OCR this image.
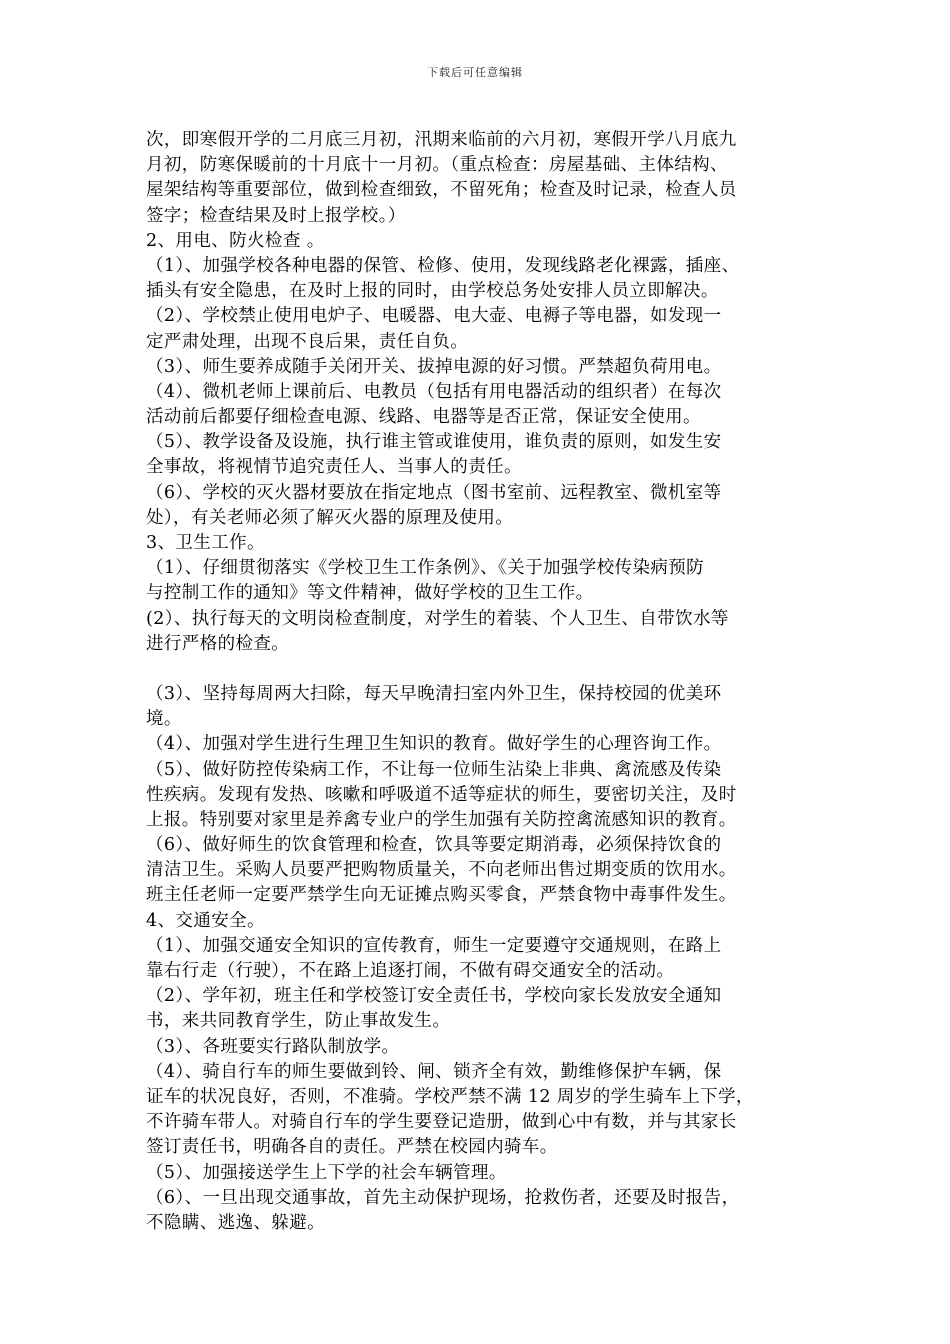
下载后可任意编辑
次，即寒假开学的二月底三月初，汛期来临前的六月初，寒假开学八月底九
月初，防寒保暖前的十月底十一月初。（重点检查：房屋基础、主体结构、
屋架结构等重要部位，做到检查细致，不留死角；检查及时记录，检查人员
签字；检查结果及时上报学校。）
2、用电、防火检查 。
（1）、加强学校各种电器的保管、检修、使用，发现线路老化裸露，插座、
插头有安全隐患，在及时上报的同时，由学校总务处安排人员立即解决。
（2）、学校禁止使用电炉子、电暖器、电大壶、电褥子等电器，如发现一
定严肃处理，出现不良后果，责任自负。
（3）、师生要养成随手关闭开关、拔掉电源的好习惯。严禁超负荷用电。
（4）、微机老师上课前后、电教员（包括有用电器活动的组织者）在每次
活动前后都要仔细检查电源、线路、电器等是否正常，保证安全使用。
（5）、教学设备及设施，执行谁主管或谁使用，谁负责的原则，如发生安
全事故，将视情节追究责任人、当事人的责任。
（6）、学校的灭火器材要放在指定地点（图书室前、远程教室、微机室等
处），有关老师必须了解灭火器的原理及使用。
3、卫生工作。
（1）、仔细贯彻落实《学校卫生工作条例》、《关于加强学校传染病预防
与控制工作的通知》等文件精神，做好学校的卫生工作。
(2）、执行每天的文明岗检查制度，对学生的着装、个人卫生、自带饮水等
进行严格的检查。
（3）、坚持每周两大扫除，每天早晚清扫室内外卫生，保持校园的优美环
境。
（4）、加强对学生进行生理卫生知识的教育。做好学生的心理咨询工作。
（5）、做好防控传染病工作，不让每一位师生沾染上非典、禽流感及传染
性疾病。发现有发热、咳嗽和呼吸道不适等症状的师生，要密切关注，及时
上报。特别要对家里是养禽专业户的学生加强有关防控禽流感知识的教育。
（6）、做好师生的饮食管理和检查，饮具等要定期消毒，必须保持饮食的
清洁卫生。采购人员要严把购物质量关，不向老师出售过期变质的饮用水。
班主任老师一定要严禁学生向无证摊点购买零食，严禁食物中毒事件发生。
4、交通安全。
（1）、加强交通安全知识的宣传教育，师生一定要遵守交通规则，在路上
靠右行走（行驶），不在路上追逐打闹，不做有碍交通安全的活动。
（2）、学年初，班主任和学校签订安全责任书，学校向家长发放安全通知
书，来共同教育学生，防止事故发生。
（3）、各班要实行路队制放学。
（4）、骑自行车的师生要做到铃、闸、锁齐全有效，勤维修保护车辆，保
证车的状况良好，否则，不准骑。学校严禁不满 12 周岁的学生骑车上下学，
不许骑车带人。对骑自行车的学生要登记造册，做到心中有数，并与其家长
签订责任书，明确各自的责任。严禁在校园内骑车。
（5）、加强接送学生上下学的社会车辆管理。
（6）、一旦出现交通事故，首先主动保护现场，抢救伤者，还要及时报告，
不隐瞒、逃逸、躲避。
